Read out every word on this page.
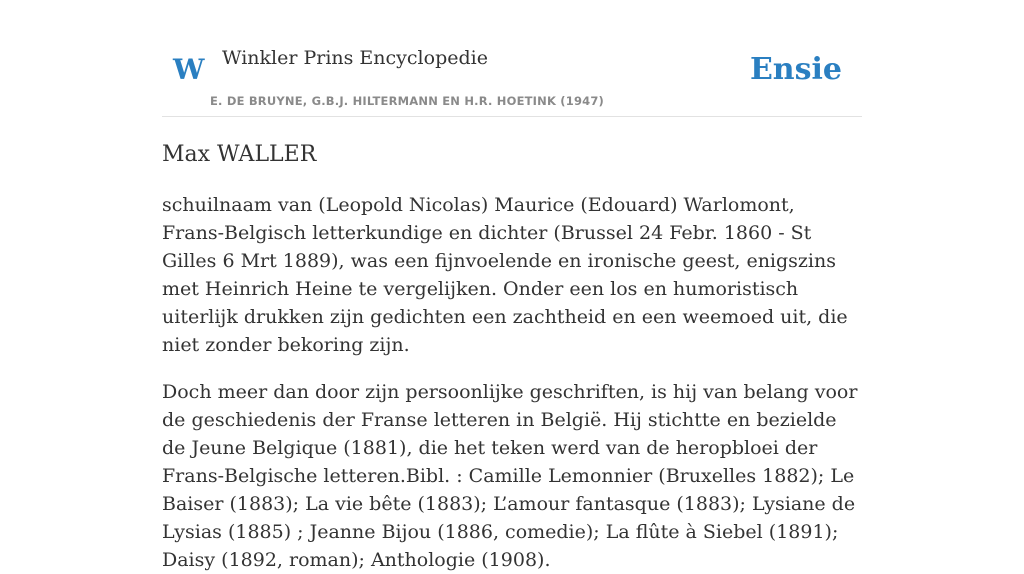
W Winkler Prins Encyclopedie
E. DE BRUYNE, G.B.J. HILTERMANN EN H.R. HOETINK (1947)
Ensie
Max WALLER

schuilnaam van (Leopold Nicolas) Maurice (Edouard) Warlomont, Frans-Belgisch letterkundige en dichter (Brussel 24 Febr. 1860 - St Gilles 6 Mrt 1889), was een fijnvoelende en ironische geest, enigszins met Heinrich Heine te vergelijken. Onder een los en humoristisch uiterlijk drukken zijn gedichten een zachtheid en een weemoed uit, die niet zonder bekoring zijn.

Doch meer dan door zijn persoonlijke geschriften, is hij van belang voor de geschiedenis der Franse letteren in België. Hij stichtte en bezielde de Jeune Belgique (1881), die het teken werd van de heropbloei der Frans-Belgische letteren.Bibl. : Camille Lemonnier (Bruxelles 1882); Le Baiser (1883); La vie bête (1883); L’amour fantasque (1883); Lysiane de Lysias (1885) ; Jeanne Bijou (1886, comedie); La flûte à Siebel (1891); Daisy (1892, roman); Anthologie (1908).
